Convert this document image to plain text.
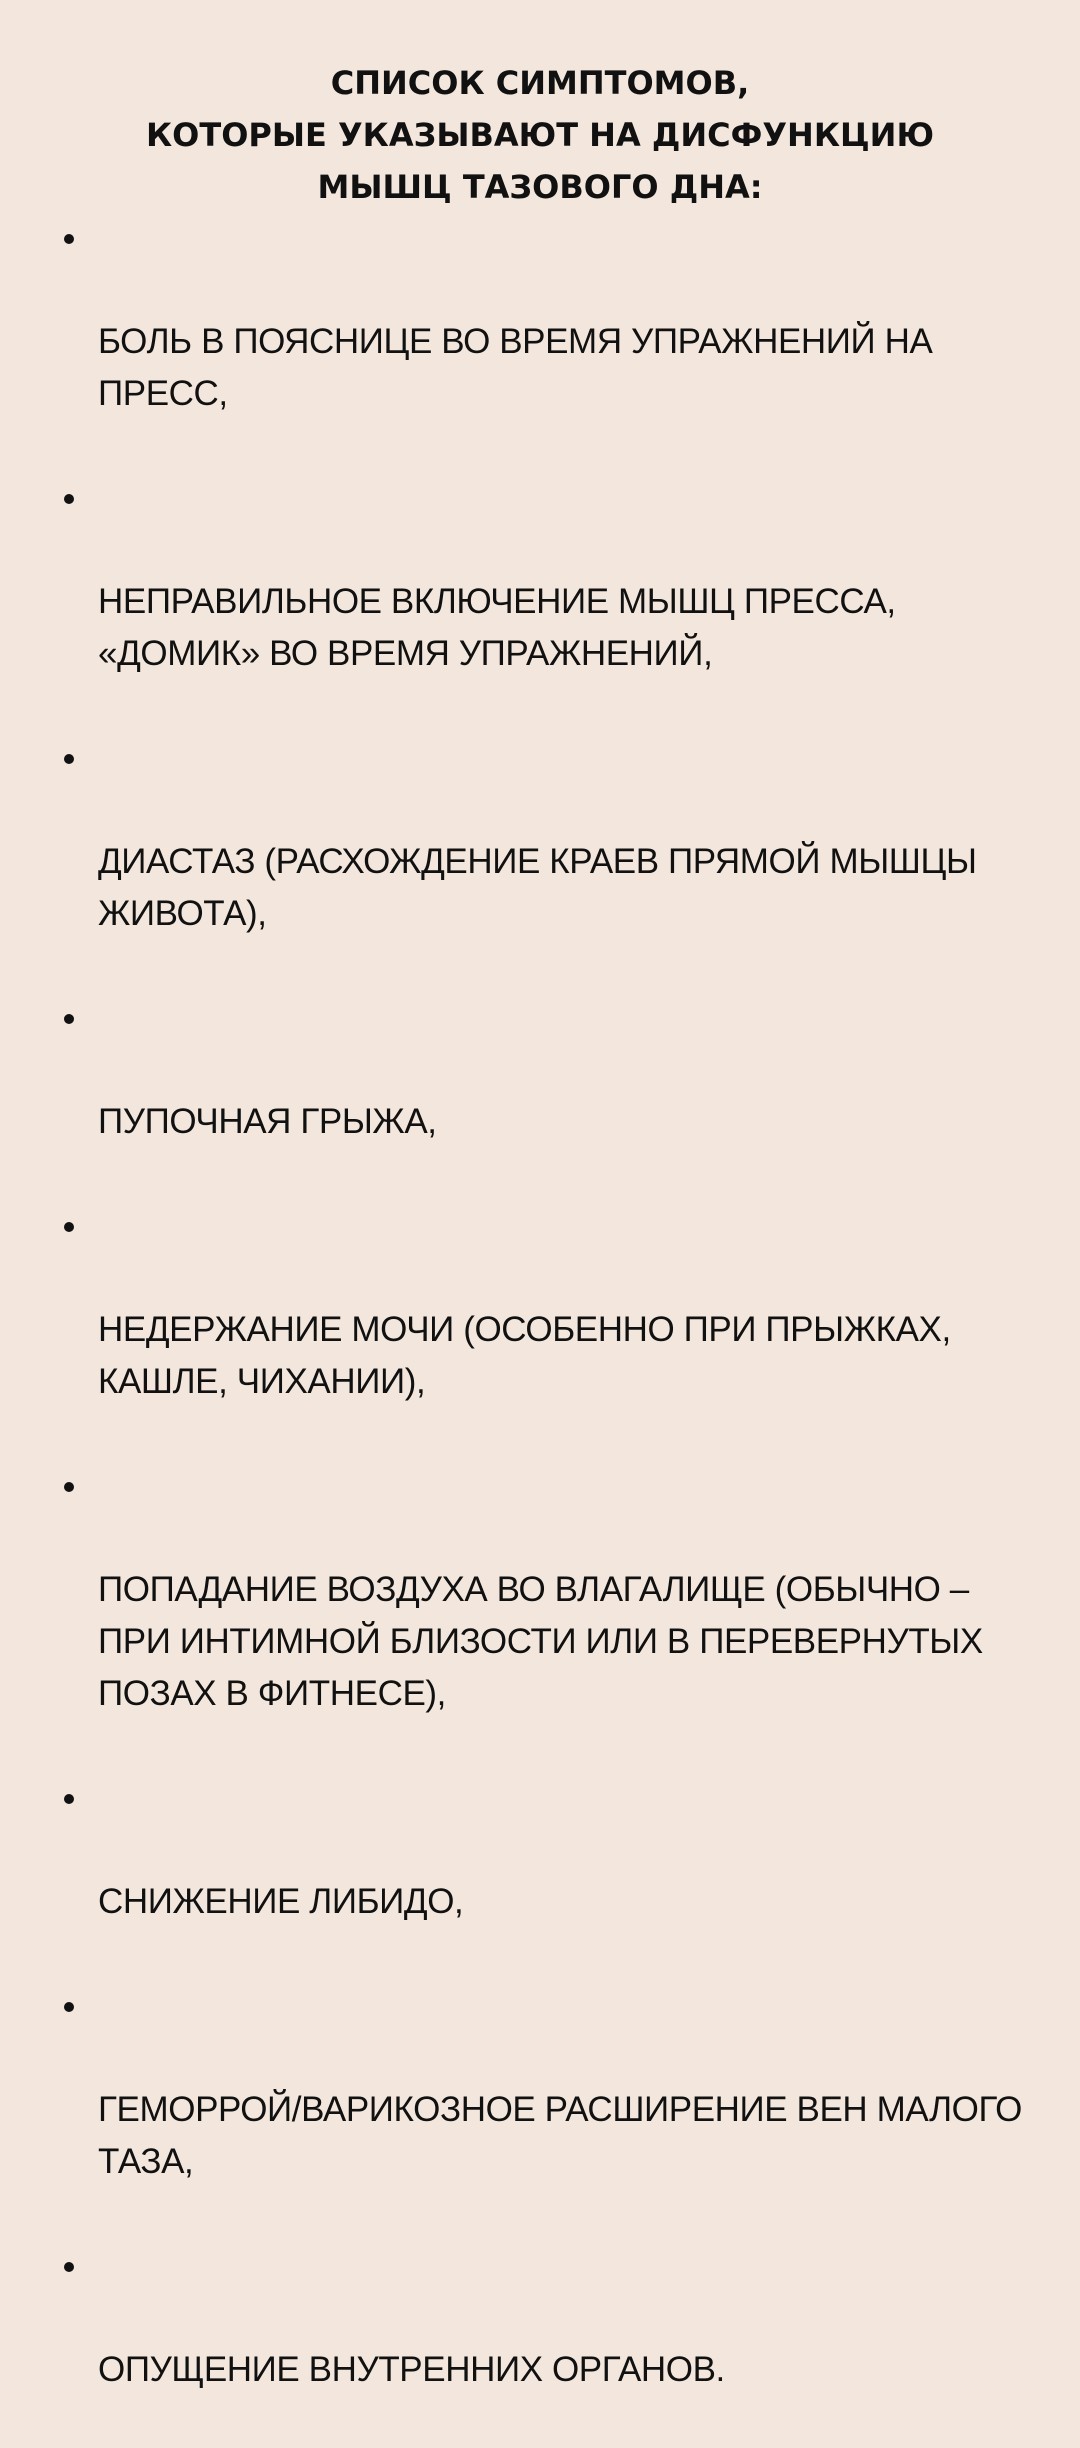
СПИСОК СИМПТОМОВ,
КОТОРЫЕ УКАЗЫВАЮТ НА ДИСФУНКЦИЮ
МЫШЦ ТАЗОВОГО ДНА:

БОЛЬ В ПОЯСНИЦЕ ВО ВРЕМЯ УПРАЖНЕНИЙ НА
ПРЕСС,

НЕПРАВИЛЬНОЕ ВКЛЮЧЕНИЕ МЫШЦ ПРЕССА,
«ДОМИК» ВО ВРЕМЯ УПРАЖНЕНИЙ,

ДИАСТАЗ (РАСХОЖДЕНИЕ КРАЕВ ПРЯМОЙ МЫШЦЫ
ЖИВОТА),

ПУПОЧНАЯ ГРЫЖА,

НЕДЕРЖАНИЕ МОЧИ (ОСОБЕННО ПРИ ПРЫЖКАХ,
КАШЛЕ, ЧИХАНИИ),

ПОПАДАНИЕ ВОЗДУХА ВО ВЛАГАЛИЩЕ (ОБЫЧНО –
ПРИ ИНТИМНОЙ БЛИЗОСТИ ИЛИ В ПЕРЕВЕРНУТЫХ
ПОЗАХ В ФИТНЕСЕ),

СНИЖЕНИЕ ЛИБИДО,

ГЕМОРРОЙ/ВАРИКОЗНОЕ РАСШИРЕНИЕ ВЕН МАЛОГО
ТАЗА,

ОПУЩЕНИЕ ВНУТРЕННИХ ОРГАНОВ.
